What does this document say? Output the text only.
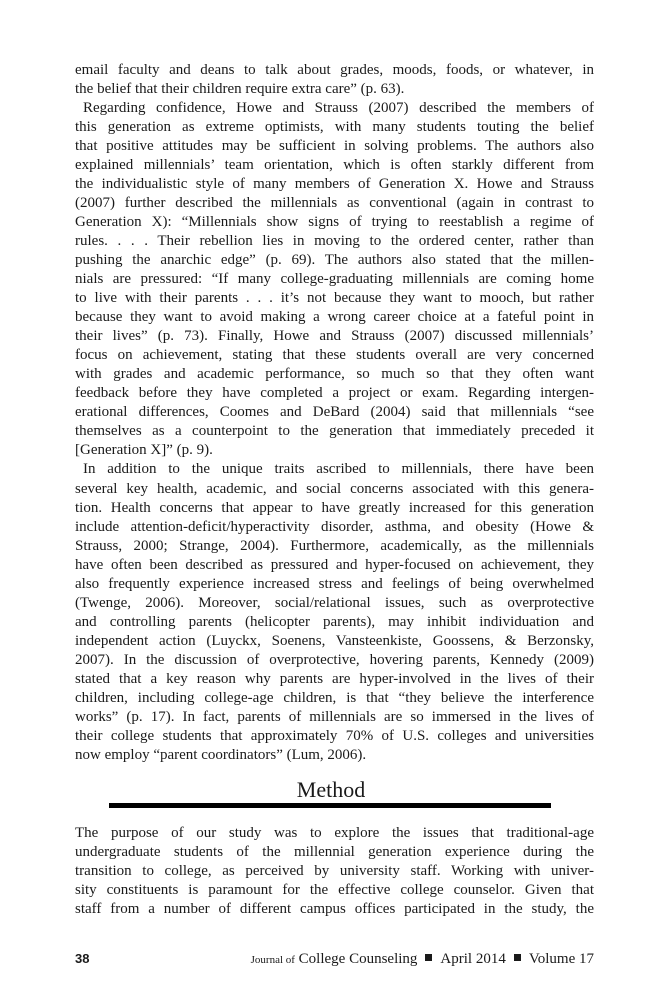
email faculty and deans to talk about grades, moods, foods, or whatever, in
the belief that their children require extra care” (p. 63).
Regarding confidence, Howe and Strauss (2007) described the members of
this generation as extreme optimists, with many students touting the belief
that positive attitudes may be sufficient in solving problems. The authors also
explained millennials’ team orientation, which is often starkly different from
the individualistic style of many members of Generation X. Howe and Strauss
(2007) further described the millennials as conventional (again in contrast to
Generation X): “Millennials show signs of trying to reestablish a regime of
rules. . . . Their rebellion lies in moving to the ordered center, rather than
pushing the anarchic edge” (p. 69). The authors also stated that the millen-
nials are pressured: “If many college-graduating millennials are coming home
to live with their parents . . . it’s not because they want to mooch, but rather
because they want to avoid making a wrong career choice at a fateful point in
their lives” (p. 73). Finally, Howe and Strauss (2007) discussed millennials’
focus on achievement, stating that these students overall are very concerned
with grades and academic performance, so much so that they often want
feedback before they have completed a project or exam. Regarding intergen-
erational differences, Coomes and DeBard (2004) said that millennials “see
themselves as a counterpoint to the generation that immediately preceded it
[Generation X]” (p. 9).
In addition to the unique traits ascribed to millennials, there have been
several key health, academic, and social concerns associated with this genera-
tion. Health concerns that appear to have greatly increased for this generation
include attention-deficit/hyperactivity disorder, asthma, and obesity (Howe &
Strauss, 2000; Strange, 2004). Furthermore, academically, as the millennials
have often been described as pressured and hyper-focused on achievement, they
also frequently experience increased stress and feelings of being overwhelmed
(Twenge, 2006). Moreover, social/relational issues, such as overprotective
and controlling parents (helicopter parents), may inhibit individuation and
independent action (Luyckx, Soenens, Vansteenkiste, Goossens, & Berzonsky,
2007). In the discussion of overprotective, hovering parents, Kennedy (2009)
stated that a key reason why parents are hyper-involved in the lives of their
children, including college-age children, is that “they believe the interference
works” (p. 17). In fact, parents of millennials are so immersed in the lives of
their college students that approximately 70% of U.S. colleges and universities
now employ “parent coordinators” (Lum, 2006).
Method
The purpose of our study was to explore the issues that traditional-age
undergraduate students of the millennial generation experience during the
transition to college, as perceived by university staff. Working with univer-
sity constituents is paramount for the effective college counselor. Given that
staff from a number of different campus offices participated in the study, the
38	Journal of College Counseling April 2014 Volume 17
